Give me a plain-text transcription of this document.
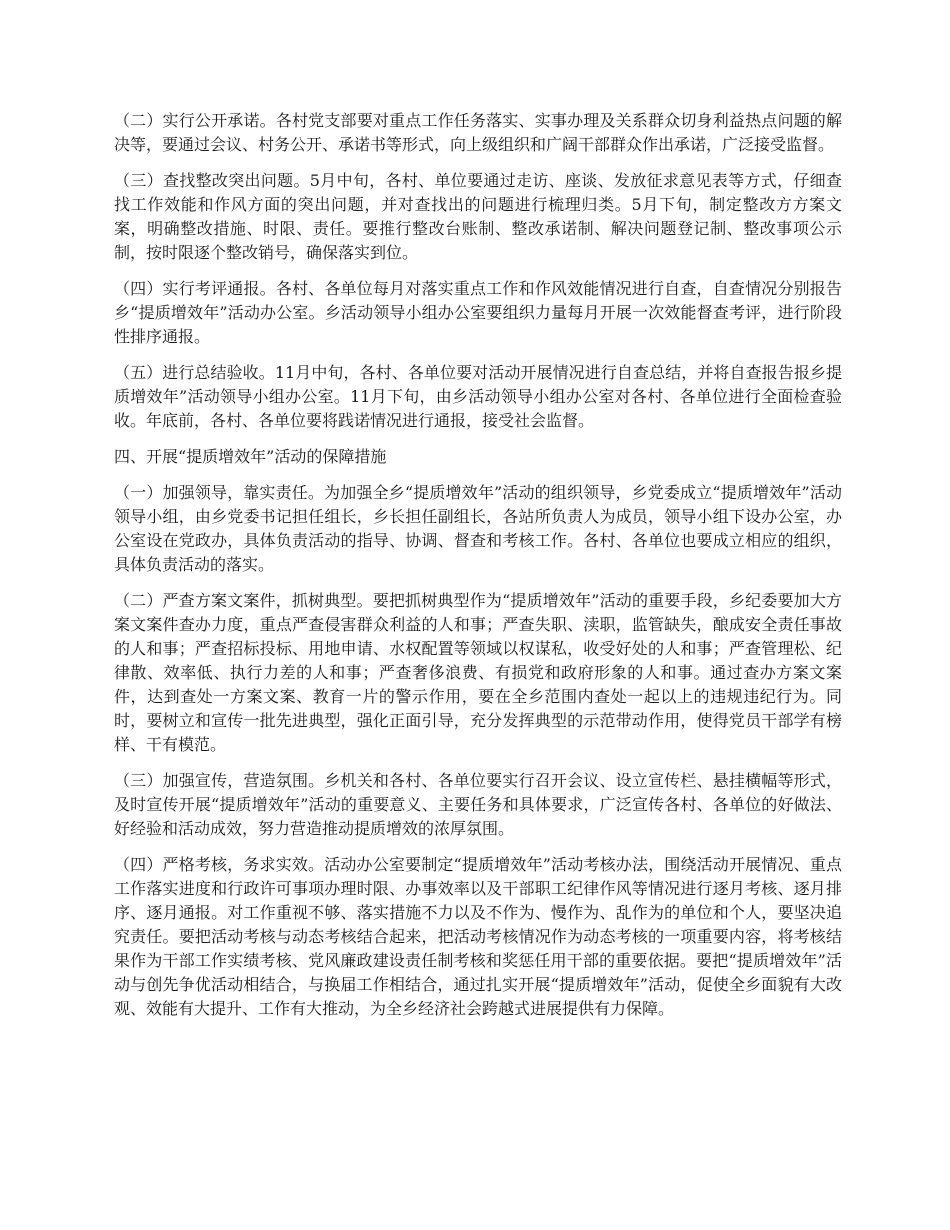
（二）实行公开承诺。各村党支部要对重点工作任务落实、实事办理及关系群众切身利益热点问题的解决等，要通过会议、村务公开、承诺书等形式，向上级组织和广阔干部群众作出承诺，广泛接受监督。

（三）查找整改突出问题。5月中旬，各村、单位要通过走访、座谈、发放征求意见表等方式，仔细查找工作效能和作风方面的突出问题，并对查找出的问题进行梳理归类。5月下旬，制定整改方方案文案，明确整改措施、时限、责任。要推行整改台账制、整改承诺制、解决问题登记制、整改事项公示制，按时限逐个整改销号，确保落实到位。

（四）实行考评通报。各村、各单位每月对落实重点工作和作风效能情况进行自查，自查情况分别报告乡“提质增效年”活动办公室。乡活动领导小组办公室要组织力量每月开展一次效能督查考评，进行阶段性排序通报。

（五）进行总结验收。11月中旬，各村、各单位要对活动开展情况进行自查总结，并将自查报告报乡提质增效年”活动领导小组办公室。11月下旬，由乡活动领导小组办公室对各村、各单位进行全面检查验收。年底前，各村、各单位要将践诺情况进行通报，接受社会监督。

四、开展“提质增效年”活动的保障措施

（一）加强领导，靠实责任。为加强全乡“提质增效年”活动的组织领导，乡党委成立“提质增效年”活动领导小组，由乡党委书记担任组长，乡长担任副组长，各站所负责人为成员，领导小组下设办公室，办公室设在党政办，具体负责活动的指导、协调、督查和考核工作。各村、各单位也要成立相应的组织，具体负责活动的落实。

（二）严查方案文案件，抓树典型。要把抓树典型作为“提质增效年”活动的重要手段，乡纪委要加大方案文案件查办力度，重点严查侵害群众利益的人和事；严查失职、渎职，监管缺失，酿成安全责任事故的人和事；严查招标投标、用地申请、水权配置等领域以权谋私，收受好处的人和事；严查管理松、纪律散、效率低、执行力差的人和事；严查奢侈浪费、有损党和政府形象的人和事。通过查办方案文案件，达到查处一方案文案、教育一片的警示作用，要在全乡范围内查处一起以上的违规违纪行为。同时，要树立和宣传一批先进典型，强化正面引导，充分发挥典型的示范带动作用，使得党员干部学有榜样、干有模范。

（三）加强宣传，营造氛围。乡机关和各村、各单位要实行召开会议、设立宣传栏、悬挂横幅等形式，及时宣传开展“提质增效年”活动的重要意义、主要任务和具体要求，广泛宣传各村、各单位的好做法、好经验和活动成效，努力营造推动提质增效的浓厚氛围。

（四）严格考核，务求实效。活动办公室要制定“提质增效年”活动考核办法，围绕活动开展情况、重点工作落实进度和行政许可事项办理时限、办事效率以及干部职工纪律作风等情况进行逐月考核、逐月排序、逐月通报。对工作重视不够、落实措施不力以及不作为、慢作为、乱作为的单位和个人，要坚决追究责任。要把活动考核与动态考核结合起来，把活动考核情况作为动态考核的一项重要内容，将考核结果作为干部工作实绩考核、党风廉政建设责任制考核和奖惩任用干部的重要依据。要把“提质增效年”活动与创先争优活动相结合，与换届工作相结合，通过扎实开展“提质增效年”活动，促使全乡面貌有大改观、效能有大提升、工作有大推动，为全乡经济社会跨越式进展提供有力保障。
